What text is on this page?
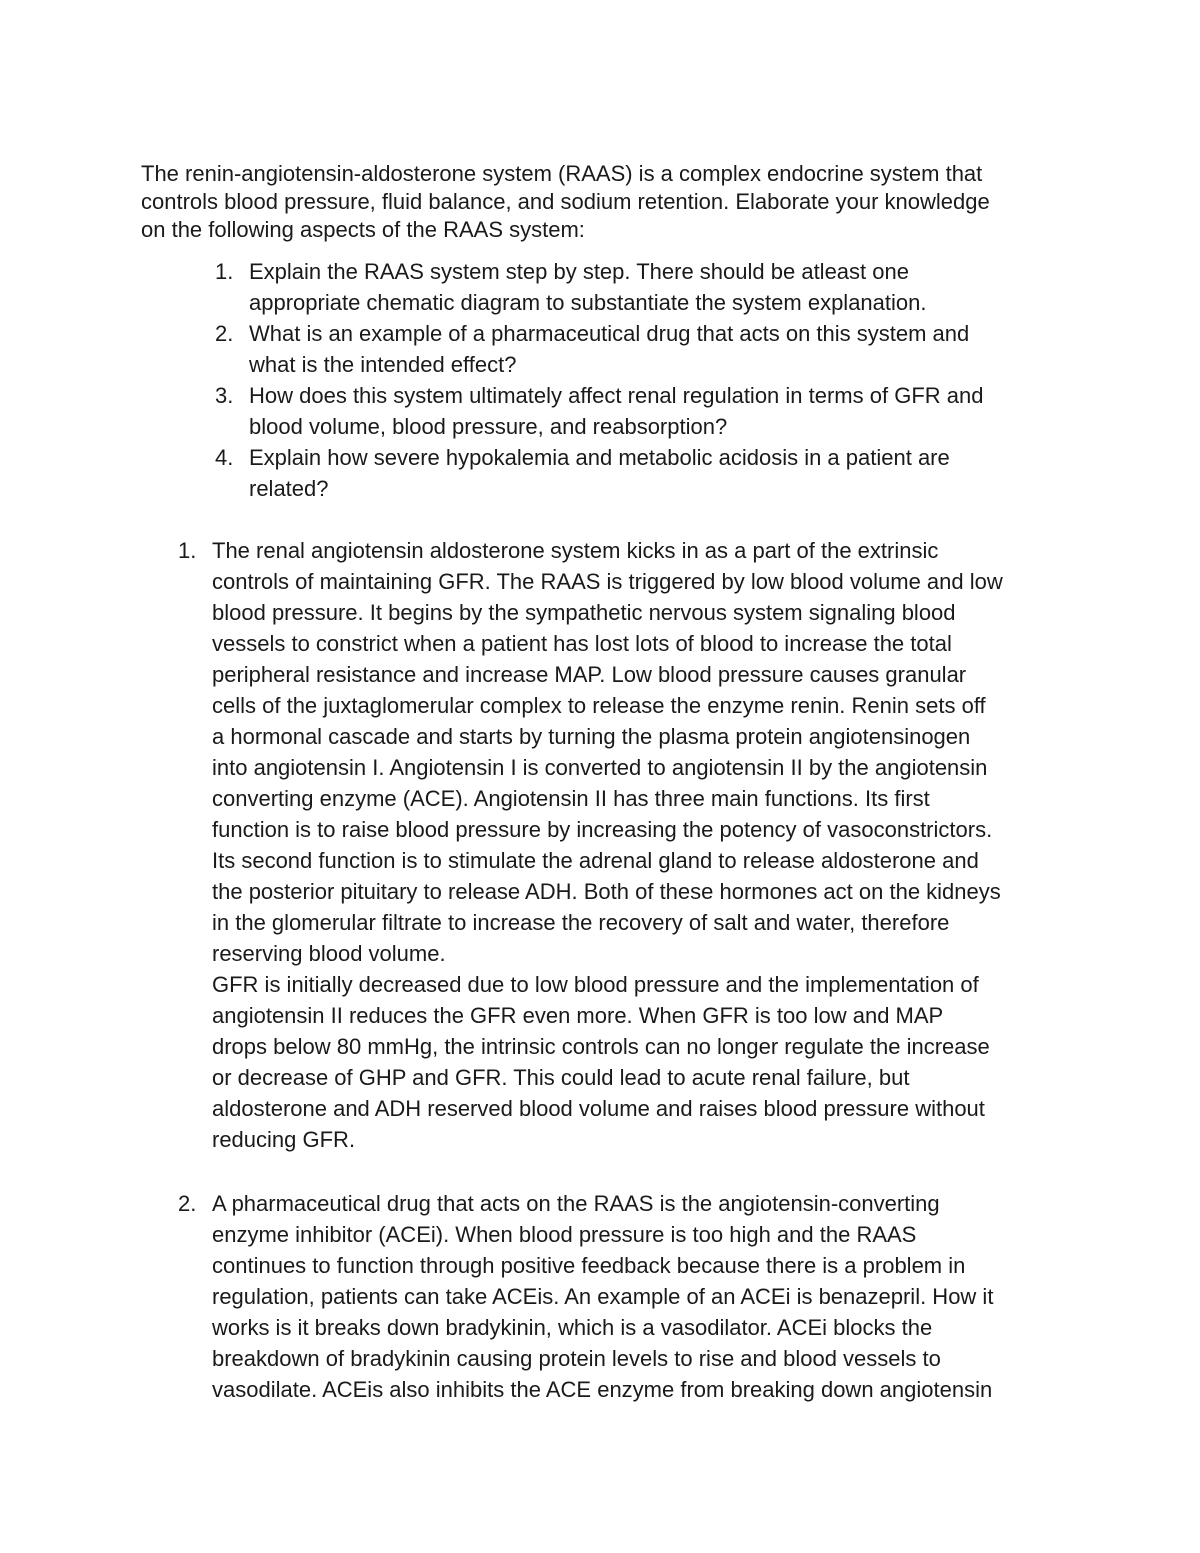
The renin-angiotensin-aldosterone system (RAAS) is a complex endocrine system that
controls blood pressure, fluid balance, and sodium retention. Elaborate your knowledge
on the following aspects of the RAAS system:
1. Explain the RAAS system step by step. There should be atleast one
appropriate chematic diagram to substantiate the system explanation.
2. What is an example of a pharmaceutical drug that acts on this system and
what is the intended effect?
3. How does this system ultimately affect renal regulation in terms of GFR and
blood volume, blood pressure, and reabsorption?
4. Explain how severe hypokalemia and metabolic acidosis in a patient are
related?
1. The renal angiotensin aldosterone system kicks in as a part of the extrinsic
controls of maintaining GFR. The RAAS is triggered by low blood volume and low
blood pressure. It begins by the sympathetic nervous system signaling blood
vessels to constrict when a patient has lost lots of blood to increase the total
peripheral resistance and increase MAP. Low blood pressure causes granular
cells of the juxtaglomerular complex to release the enzyme renin. Renin sets off
a hormonal cascade and starts by turning the plasma protein angiotensinogen
into angiotensin I. Angiotensin I is converted to angiotensin II by the angiotensin
converting enzyme (ACE). Angiotensin II has three main functions. Its first
function is to raise blood pressure by increasing the potency of vasoconstrictors.
Its second function is to stimulate the adrenal gland to release aldosterone and
the posterior pituitary to release ADH. Both of these hormones act on the kidneys
in the glomerular filtrate to increase the recovery of salt and water, therefore
reserving blood volume.
GFR is initially decreased due to low blood pressure and the implementation of
angiotensin II reduces the GFR even more. When GFR is too low and MAP
drops below 80 mmHg, the intrinsic controls can no longer regulate the increase
or decrease of GHP and GFR. This could lead to acute renal failure, but
aldosterone and ADH reserved blood volume and raises blood pressure without
reducing GFR.
2. A pharmaceutical drug that acts on the RAAS is the angiotensin-converting
enzyme inhibitor (ACEi). When blood pressure is too high and the RAAS
continues to function through positive feedback because there is a problem in
regulation, patients can take ACEis. An example of an ACEi is benazepril. How it
works is it breaks down bradykinin, which is a vasodilator. ACEi blocks the
breakdown of bradykinin causing protein levels to rise and blood vessels to
vasodilate. ACEis also inhibits the ACE enzyme from breaking down angiotensin
